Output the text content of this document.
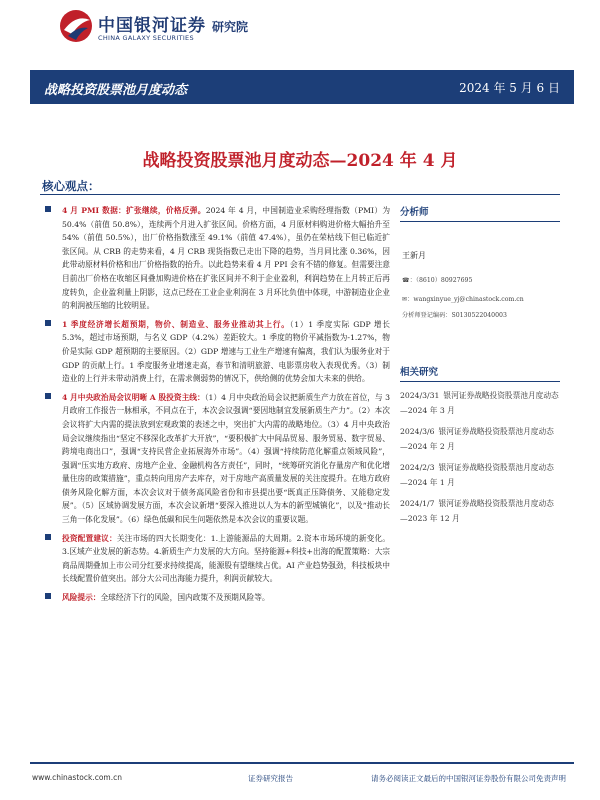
中国银河证券
CHINA GALAXY SECURITIES
研究院
战略投资股票池月度动态	2024 年 5 月 6 日
战略投资股票池月度动态—2024 年 4 月
核心观点：
4 月 PMI 数据：扩张继续，价格反弹。2024 年 4 月，中国制造业采购经理指数（PMI）为 50.4%（前值 50.8%），连续两个月进入扩张区间。价格方面，4 月原材料购进价格大幅抬升至 54%（前值 50.5%），出厂价格指数涨至 49.1%（前值 47.4%），虽仍在荣枯线下但已临近扩张区间。从 CRB 的走势来看，4 月 CRB 现货指数已走出下降的趋势，当月同比涨 0.36%，因此带动原材料价格和出厂价格指数的抬升。以此趋势来看 4 月 PPI 会有不错的修复。但需要注意目前出厂价格在收缩区间叠加购进价格在扩张区间并不利于企业盈利，利润趋势在上月转正后再度转负，企业盈利量上阴影，这点已经在工业企业利润在 3 月环比负值中体现，中游制造业企业的利润被压缩的比较明显。
1 季度经济增长超预期，物价、制造业、服务业推动其上行。（1）1 季度实际 GDP 增长 5.3%，超过市场预期，与名义 GDP（4.2%）差距较大。1 季度的物价平减指数为-1.27%，物价是实际 GDP 超预期的主要原因。（2）GDP 增速与工业生产增速有偏离，我们认为服务业对于 GDP 的贡献上行。1 季度服务业增速走高，春节和清明旅游、电影票房收入表现优秀。（3）制造业的上行并未带动消费上行，在需求侧弱势的情况下，供给侧的优势会加大未来的供给。
4 月中央政治局会议明晰 A 股投资主线：（1）4 月中央政治局会议把新质生产力放在首位，与 3 月政府工作报告一脉相承，不同点在于，本次会议强调“要因地制宜发展新质生产力”。（2）本次会议将扩大内需的提法放到宏观政策的表述之中，突出扩大内需的战略地位。（3）4 月中央政治局会议继续指出“坚定不移深化改革扩大开放”，“要积极扩大中间品贸易、服务贸易、数字贸易、跨境电商出口”，强调“支持民营企业拓展海外市场”。（4）强调“持续防范化解重点领域风险”，强调“压实地方政府、房地产企业、金融机构各方责任”，同时，“统筹研究消化存量房产和优化增量住房的政策措施”，重点转向用房产去库存，对于房地产高质量发展的关注度提升。在地方政府债务风险化解方面，本次会议对于债务高风险省份和市县提出要“既真正压降债务、又能稳定发展”。（5）区域协调发展方面，本次会议新增“要深入推进以人为本的新型城镇化”，以及“推动长三角一体化发展”。（6）绿色低碳和民生问题依然是本次会议的重要议题。
投资配置建议：关注市场的四大长期变化：1.上游能源品的大周期。2.资本市场环境的新变化。3.区域产业发展的新态势。4.新质生产力发展的大方向。坚持能源+科技+出海的配置策略：大宗商品周期叠加上市公司分红要求持续提高，能源股有望继续占优。AI 产业趋势强劲，科技板块中长线配置价值突出。部分大公司出海能力提升，利润贡献较大。
风险提示：全球经济下行的风险，国内政策不及预期风险等。
分析师
王新月
☎：（8610）80927695
✉：wangxinyue_yj@chinastock.com.cn
分析师登记编码：S0130522040003
相关研究
2024/3/31 银河证券战略投资股票池月度动态—2024 年 3 月
2024/3/6 银河证券战略投资股票池月度动态—2024 年 2 月
2024/2/3 银河证券战略投资股票池月度动态—2024 年 1 月
2024/1/7 银河证券战略投资股票池月度动态—2023 年 12 月
www.chinastock.com.cn	证券研究报告	请务必阅读正文最后的中国银河证券股份有限公司免责声明
